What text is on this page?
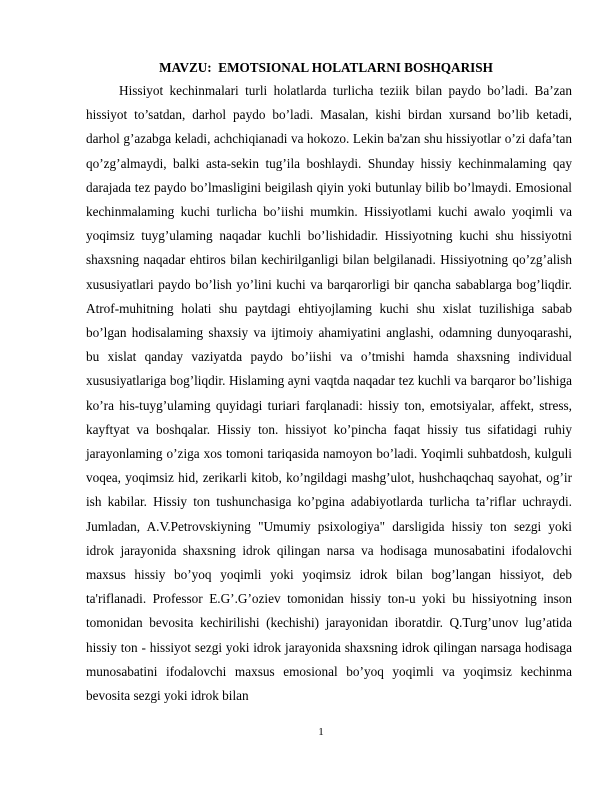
MAVZU:  EMOTSIONAL HOLATLARNI BOSHQARISH

Hissiyot kechinmalari turli holatlarda turlicha teziik bilan paydo bo’ladi. Ba’zan hissiyot to’satdan, darhol paydo bo’ladi. Masalan, kishi birdan xursand bo’lib ketadi, darhol g’azabga keladi, achchiqianadi va hokozo. Lekin ba'zan shu hissiyotlar o’zi dafa’tan qo’zg’almaydi, balki asta-sekin tug’ila boshlaydi. Shunday hissiy kechinmalaming qay darajada tez paydo bo’lmasligini beigilash qiyin yoki butunlay bilib bo’lmaydi. Emosional kechinmalaming kuchi turlicha bo’iishi mumkin. Hissiyotlami kuchi awalo yoqimli va yoqimsiz tuyg’ulaming naqadar kuchli bo’lishidadir. Hissiyotning kuchi shu hissiyotni shaxsning naqadar ehtiros bilan kechirilganligi bilan belgilanadi. Hissiyotning qo’zg’alish xususiyatlari paydo bo’lish yo’lini kuchi va barqarorligi bir qancha sabablarga bog’liqdir. Atrof-muhitning holati shu paytdagi ehtiyojlaming kuchi shu xislat tuzilishiga sabab bo’lgan hodisalaming shaxsiy va ijtimoiy ahamiyatini anglashi, odamning dunyoqarashi, bu xislat qanday vaziyatda paydo bo’iishi va o’tmishi hamda shaxsning individual xususiyatlariga bog’liqdir. Hislaming ayni vaqtda naqadar tez kuchli va barqaror bo’lishiga ko’ra his-tuyg’ulaming quyidagi turiari farqlanadi: hissiy ton, emotsiyalar, affekt, stress, kayftyat va boshqalar. Hissiy ton. hissiyot ko’pincha faqat hissiy tus sifatidagi ruhiy jarayonlaming o’ziga xos tomoni tariqasida namoyon bo’ladi. Yoqimli suhbatdosh, kulguli voqea, yoqimsiz hid, zerikarli kitob, ko’ngildagi mashg’ulot, hushchaqchaq sayohat, og’ir ish kabilar. Hissiy ton tushunchasiga ko’pgina adabiyotlarda turlicha ta’riflar uchraydi. Jumladan, A.V.Petrovskiyning "Umumiy psixologiya" darsligida hissiy ton sezgi yoki idrok jarayonida shaxsning idrok qilingan narsa va hodisaga munosabatini ifodalovchi maxsus hissiy bo’yoq yoqimli yoki yoqimsiz idrok bilan bog’langan hissiyot, deb ta'riflanadi. Professor E.G’.G’oziev tomonidan hissiy ton-u yoki bu hissiyotning inson tomonidan bevosita kechirilishi (kechishi) jarayonidan iboratdir. Q.Turg’unov lug’atida hissiy ton - hissiyot sezgi yoki idrok jarayonida shaxsning idrok qilingan narsaga hodisaga munosabatini ifodalovchi maxsus emosional bo’yoq yoqimli va yoqimsiz kechinma bevosita sezgi yoki idrok bilan

1
